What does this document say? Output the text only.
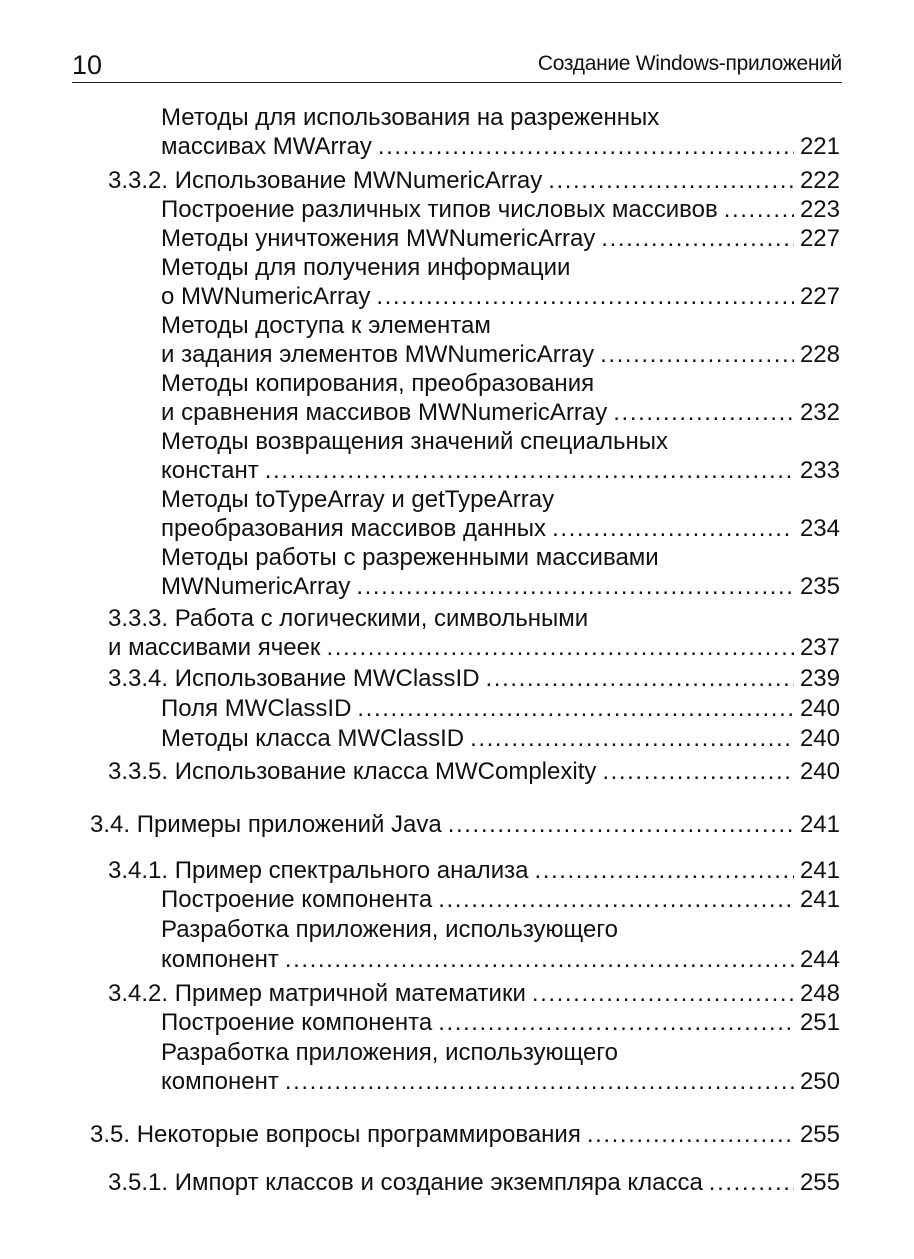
10	Создание Windows-приложений
Методы для использования на разреженных
массивах MWArray .....	221
3.3.2. Использование MWNumericArray .....	222
Построение различных типов числовых массивов .....	223
Методы уничтожения MWNumericArray .....	227
Методы для получения информации
о MWNumericArray .....	227
Методы доступа к элементам
и задания элементов MWNumericArray .....	228
Методы копирования, преобразования
и сравнения массивов MWNumericArray .....	232
Методы возвращения значений специальных
констант .....	233
Методы toTypeArray и getTypeArray
преобразования массивов данных .....	234
Методы работы с разреженными массивами
MWNumericArray .....	235
3.3.3. Работа с логическими, символьными
и массивами ячеек .....	237
3.3.4. Использование MWClassID .....	239
Поля MWClassID .....	240
Методы класса MWClassID .....	240
3.3.5. Использование класса MWComplexity .....	240
3.4. Примеры приложений Java .....	241
3.4.1. Пример спектрального анализа .....	241
Построение компонента .....	241
Разработка приложения, использующего
компонент .....	244
3.4.2. Пример матричной математики .....	248
Построение компонента .....	251
Разработка приложения, использующего
компонент .....	250
3.5. Некоторые вопросы программирования .....	255
3.5.1. Импорт классов и создание экземпляра класса .....	255
